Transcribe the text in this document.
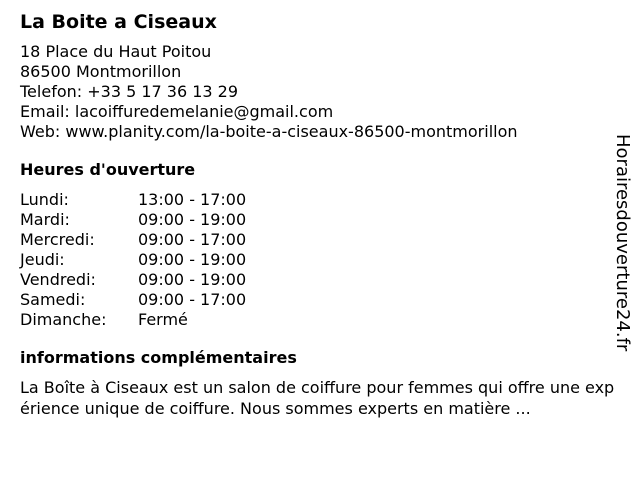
La Boite a Ciseaux
18 Place du Haut Poitou
86500 Montmorillon
Telefon: +33 5 17 36 13 29
Email: lacoiffuredemelanie@gmail.com
Web: www.planity.com/la-boite-a-ciseaux-86500-montmorillon
Heures d'ouverture
Lundi:	13:00 - 17:00
Mardi:	09:00 - 19:00
Mercredi:	09:00 - 17:00
Jeudi:	09:00 - 19:00
Vendredi:	09:00 - 19:00
Samedi:	09:00 - 17:00
Dimanche:	Fermé
informations complémentaires
La Boîte à Ciseaux est un salon de coiffure pour femmes qui offre une expérience unique de coiffure. Nous sommes experts en matière ...
Horairesdouverture24.fr
